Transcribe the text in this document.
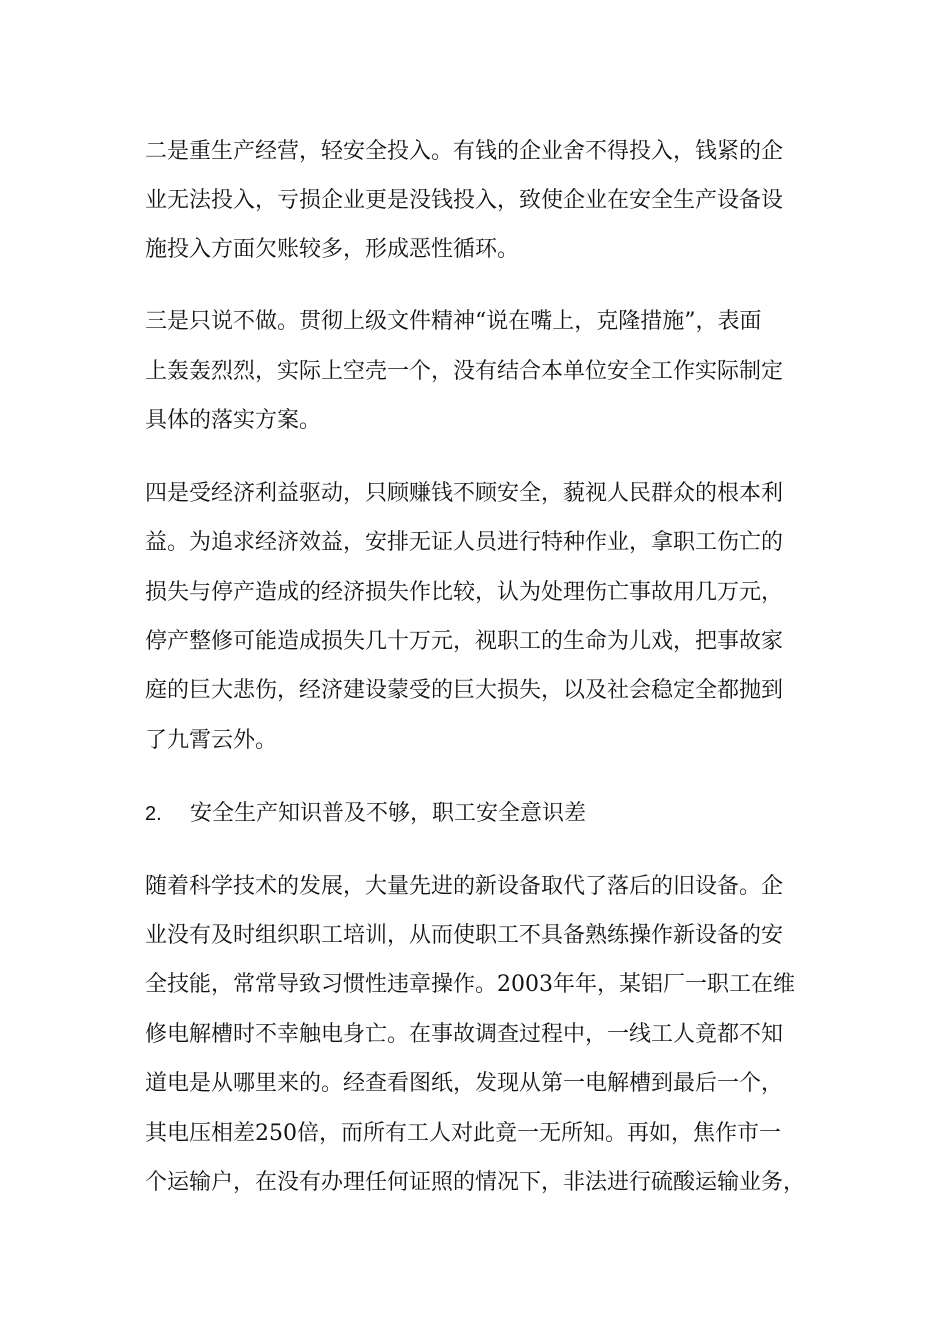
二是重生产经营，轻安全投入。有钱的企业舍不得投入，钱紧的企
业无法投入，亏损企业更是没钱投入，致使企业在安全生产设备设
施投入方面欠账较多，形成恶性循环。
三是只说不做。贯彻上级文件精神“说在嘴上，克隆措施”，表面
上轰轰烈烈，实际上空壳一个，没有结合本单位安全工作实际制定
具体的落实方案。
四是受经济利益驱动，只顾赚钱不顾安全，藐视人民群众的根本利
益。为追求经济效益，安排无证人员进行特种作业，拿职工伤亡的
损失与停产造成的经济损失作比较，认为处理伤亡事故用几万元，
停产整修可能造成损失几十万元，视职工的生命为儿戏，把事故家
庭的巨大悲伤，经济建设蒙受的巨大损失，以及社会稳定全都抛到
了九霄云外。
2. 安全生产知识普及不够，职工安全意识差
随着科学技术的发展，大量先进的新设备取代了落后的旧设备。企
业没有及时组织职工培训，从而使职工不具备熟练操作新设备的安
全技能，常常导致习惯性违章操作。2003年年，某铝厂一职工在维
修电解槽时不幸触电身亡。在事故调查过程中，一线工人竟都不知
道电是从哪里来的。经查看图纸，发现从第一电解槽到最后一个，
其电压相差250倍，而所有工人对此竟一无所知。再如，焦作市一
个运输户，在没有办理任何证照的情况下，非法进行硫酸运输业务，
